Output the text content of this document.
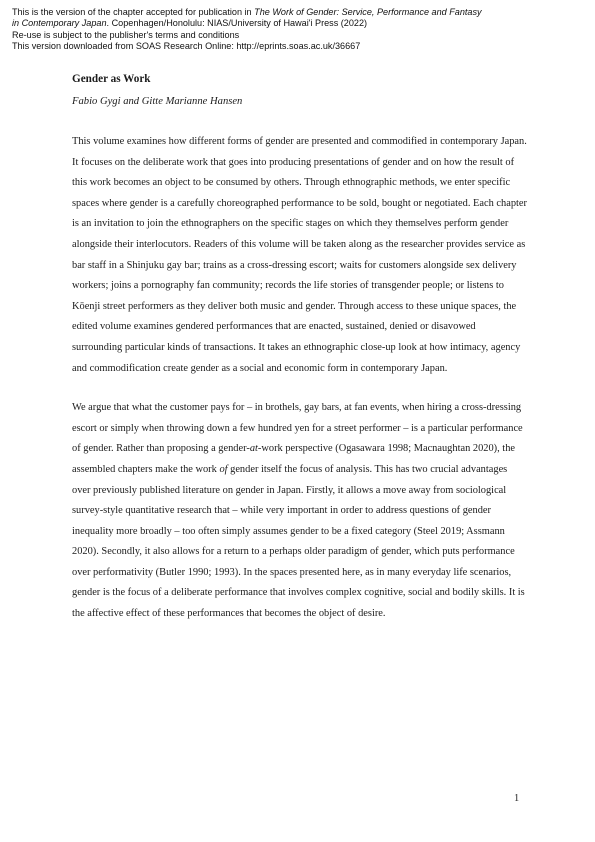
This is the version of the chapter accepted for publication in The Work of Gender: Service, Performance and Fantasy

in Contemporary Japan. Copenhagen/Honolulu: NIAS/University of Hawai'i Press (2022)

Re-use is subject to the publisher's terms and conditions

This version downloaded from SOAS Research Online: http://eprints.soas.ac.uk/36667

Gender as Work

Fabio Gygi and Gitte Marianne Hansen

This volume examines how different forms of gender are presented and commodified in contemporary Japan. It focuses on the deliberate work that goes into producing presentations of gender and on how the result of this work becomes an object to be consumed by others. Through ethnographic methods, we enter specific spaces where gender is a carefully choreographed performance to be sold, bought or negotiated. Each chapter is an invitation to join the ethnographers on the specific stages on which they themselves perform gender alongside their interlocutors. Readers of this volume will be taken along as the researcher provides service as bar staff in a Shinjuku gay bar; trains as a cross-dressing escort; waits for customers alongside sex delivery workers; joins a pornography fan community; records the life stories of transgender people; or listens to Kōenji street performers as they deliver both music and gender. Through access to these unique spaces, the edited volume examines gendered performances that are enacted, sustained, denied or disavowed surrounding particular kinds of transactions. It takes an ethnographic close-up look at how intimacy, agency and commodification create gender as a social and economic form in contemporary Japan.

We argue that what the customer pays for – in brothels, gay bars, at fan events, when hiring a cross-dressing escort or simply when throwing down a few hundred yen for a street performer – is a particular performance of gender. Rather than proposing a gender-at-work perspective (Ogasawara 1998; Macnaughtan 2020), the assembled chapters make the work of gender itself the focus of analysis. This has two crucial advantages over previously published literature on gender in Japan. Firstly, it allows a move away from sociological survey-style quantitative research that – while very important in order to address questions of gender inequality more broadly – too often simply assumes gender to be a fixed category (Steel 2019; Assmann 2020). Secondly, it also allows for a return to a perhaps older paradigm of gender, which puts performance over performativity (Butler 1990; 1993). In the spaces presented here, as in many everyday life scenarios, gender is the focus of a deliberate performance that involves complex cognitive, social and bodily skills. It is the affective effect of these performances that becomes the object of desire.

1
